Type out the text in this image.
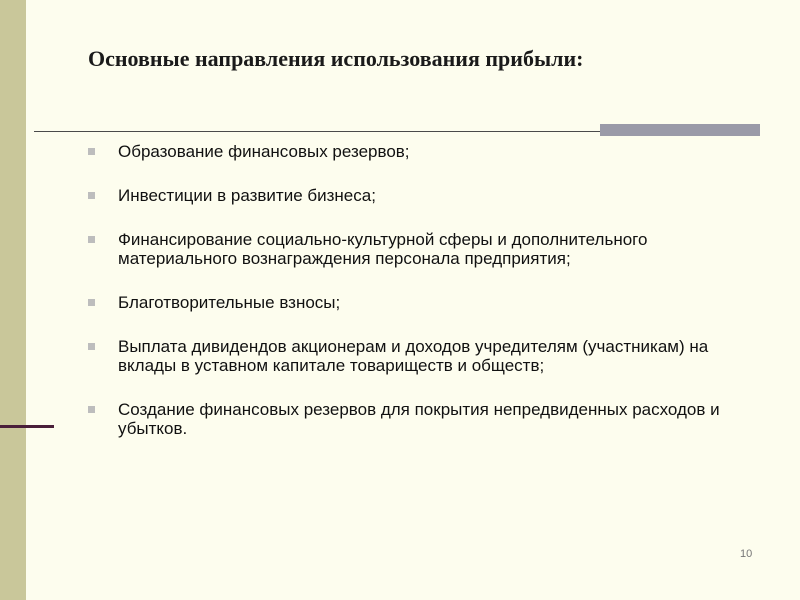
Основные направления использования прибыли:
Образование финансовых резервов;
Инвестиции в развитие бизнеса;
Финансирование социально-культурной сферы и дополнительного материального вознаграждения персонала предприятия;
Благотворительные взносы;
Выплата дивидендов акционерам и доходов учредителям (участникам) на вклады в уставном капитале товариществ и обществ;
Создание финансовых резервов для покрытия непредвиденных расходов и убытков.
10
